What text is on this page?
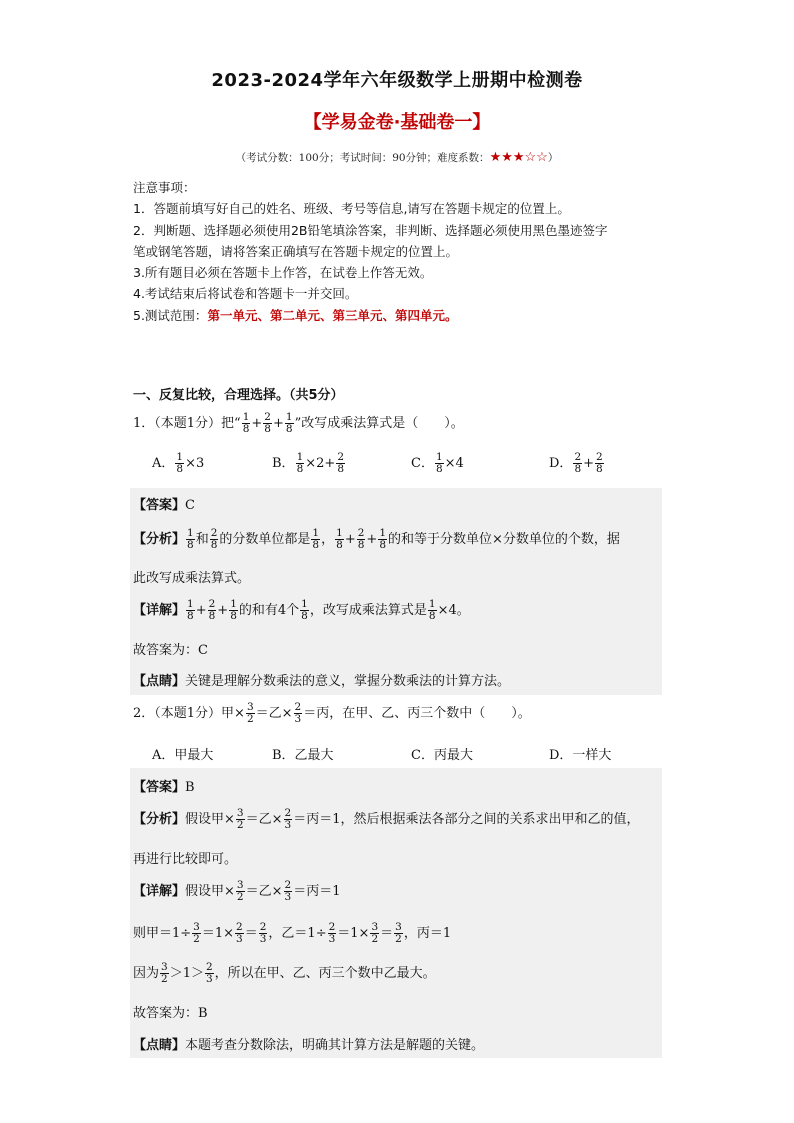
2023-2024学年六年级数学上册期中检测卷
【学易金卷·基础卷一】
（考试分数：100分；考试时间：90分钟；难度系数：★★★☆☆）
注意事项：
1．答题前填写好自己的姓名、班级、考号等信息,请写在答题卡规定的位置上。
2．判断题、选择题必须使用2B铅笔填涂答案，非判断、选择题必须使用黑色墨迹签字
笔或钢笔答题，请将答案正确填写在答题卡规定的位置上。
3.所有题目必须在答题卡上作答，在试卷上作答无效。
4.考试结束后将试卷和答题卡一并交回。
5.测试范围：第一单元、第二单元、第三单元、第四单元。
一、反复比较，合理选择。（共5分）
1．（本题1分）把“ $\frac{1}{8} + \frac{2}{8} + \frac{1}{8}$ ”改写成乘法算式是（　　）。
A． $\frac{1}{8} \times 3$	B． $\frac{1}{8} \times 2+ \frac{2}{8}$	C． $\frac{1}{8} \times 4$	D． $\frac{2}{8} + \frac{2}{8}$
【答案】C
【分析】 $\frac{1}{8}$ 和 $\frac{2}{8}$ 的分数单位都是 $\frac{1}{8}$ ， $\frac{1}{8} + \frac{2}{8} + \frac{1}{8}$ 的和等于分数单位×分数单位的个数，据
此改写成乘法算式。
【详解】 $\frac{1}{8} + \frac{2}{8} + \frac{1}{8}$ 的和有4个 $\frac{1}{8}$ ，改写成乘法算式是 $\frac{1}{8} \times 4$。
故答案为：C
【点睛】关键是理解分数乘法的意义，掌握分数乘法的计算方法。
2．（本题1分）甲× $\frac{3}{2}$ ＝乙× $\frac{2}{3}$ ＝丙，在甲、乙、丙三个数中（　　）。
A．甲最大	B．乙最大	C．丙最大	D．一样大
【答案】B
【分析】假设甲× $\frac{3}{2}$ ＝乙× $\frac{2}{3}$ ＝丙＝1，然后根据乘法各部分之间的关系求出甲和乙的值，
再进行比较即可。
【详解】假设甲× $\frac{3}{2}$ ＝乙× $\frac{2}{3}$ ＝丙＝1
则甲$=1\div \frac{3}{2} =1\times \frac{2}{3} = \frac{2}{3}$ ，乙$=1\div \frac{2}{3} =1\times \frac{3}{2} = \frac{3}{2}$ ，丙＝1
因为 $\frac{3}{2} >1> \frac{2}{3}$ ，所以在甲、乙、丙三个数中乙最大。
故答案为：B
【点睛】本题考查分数除法，明确其计算方法是解题的关键。
